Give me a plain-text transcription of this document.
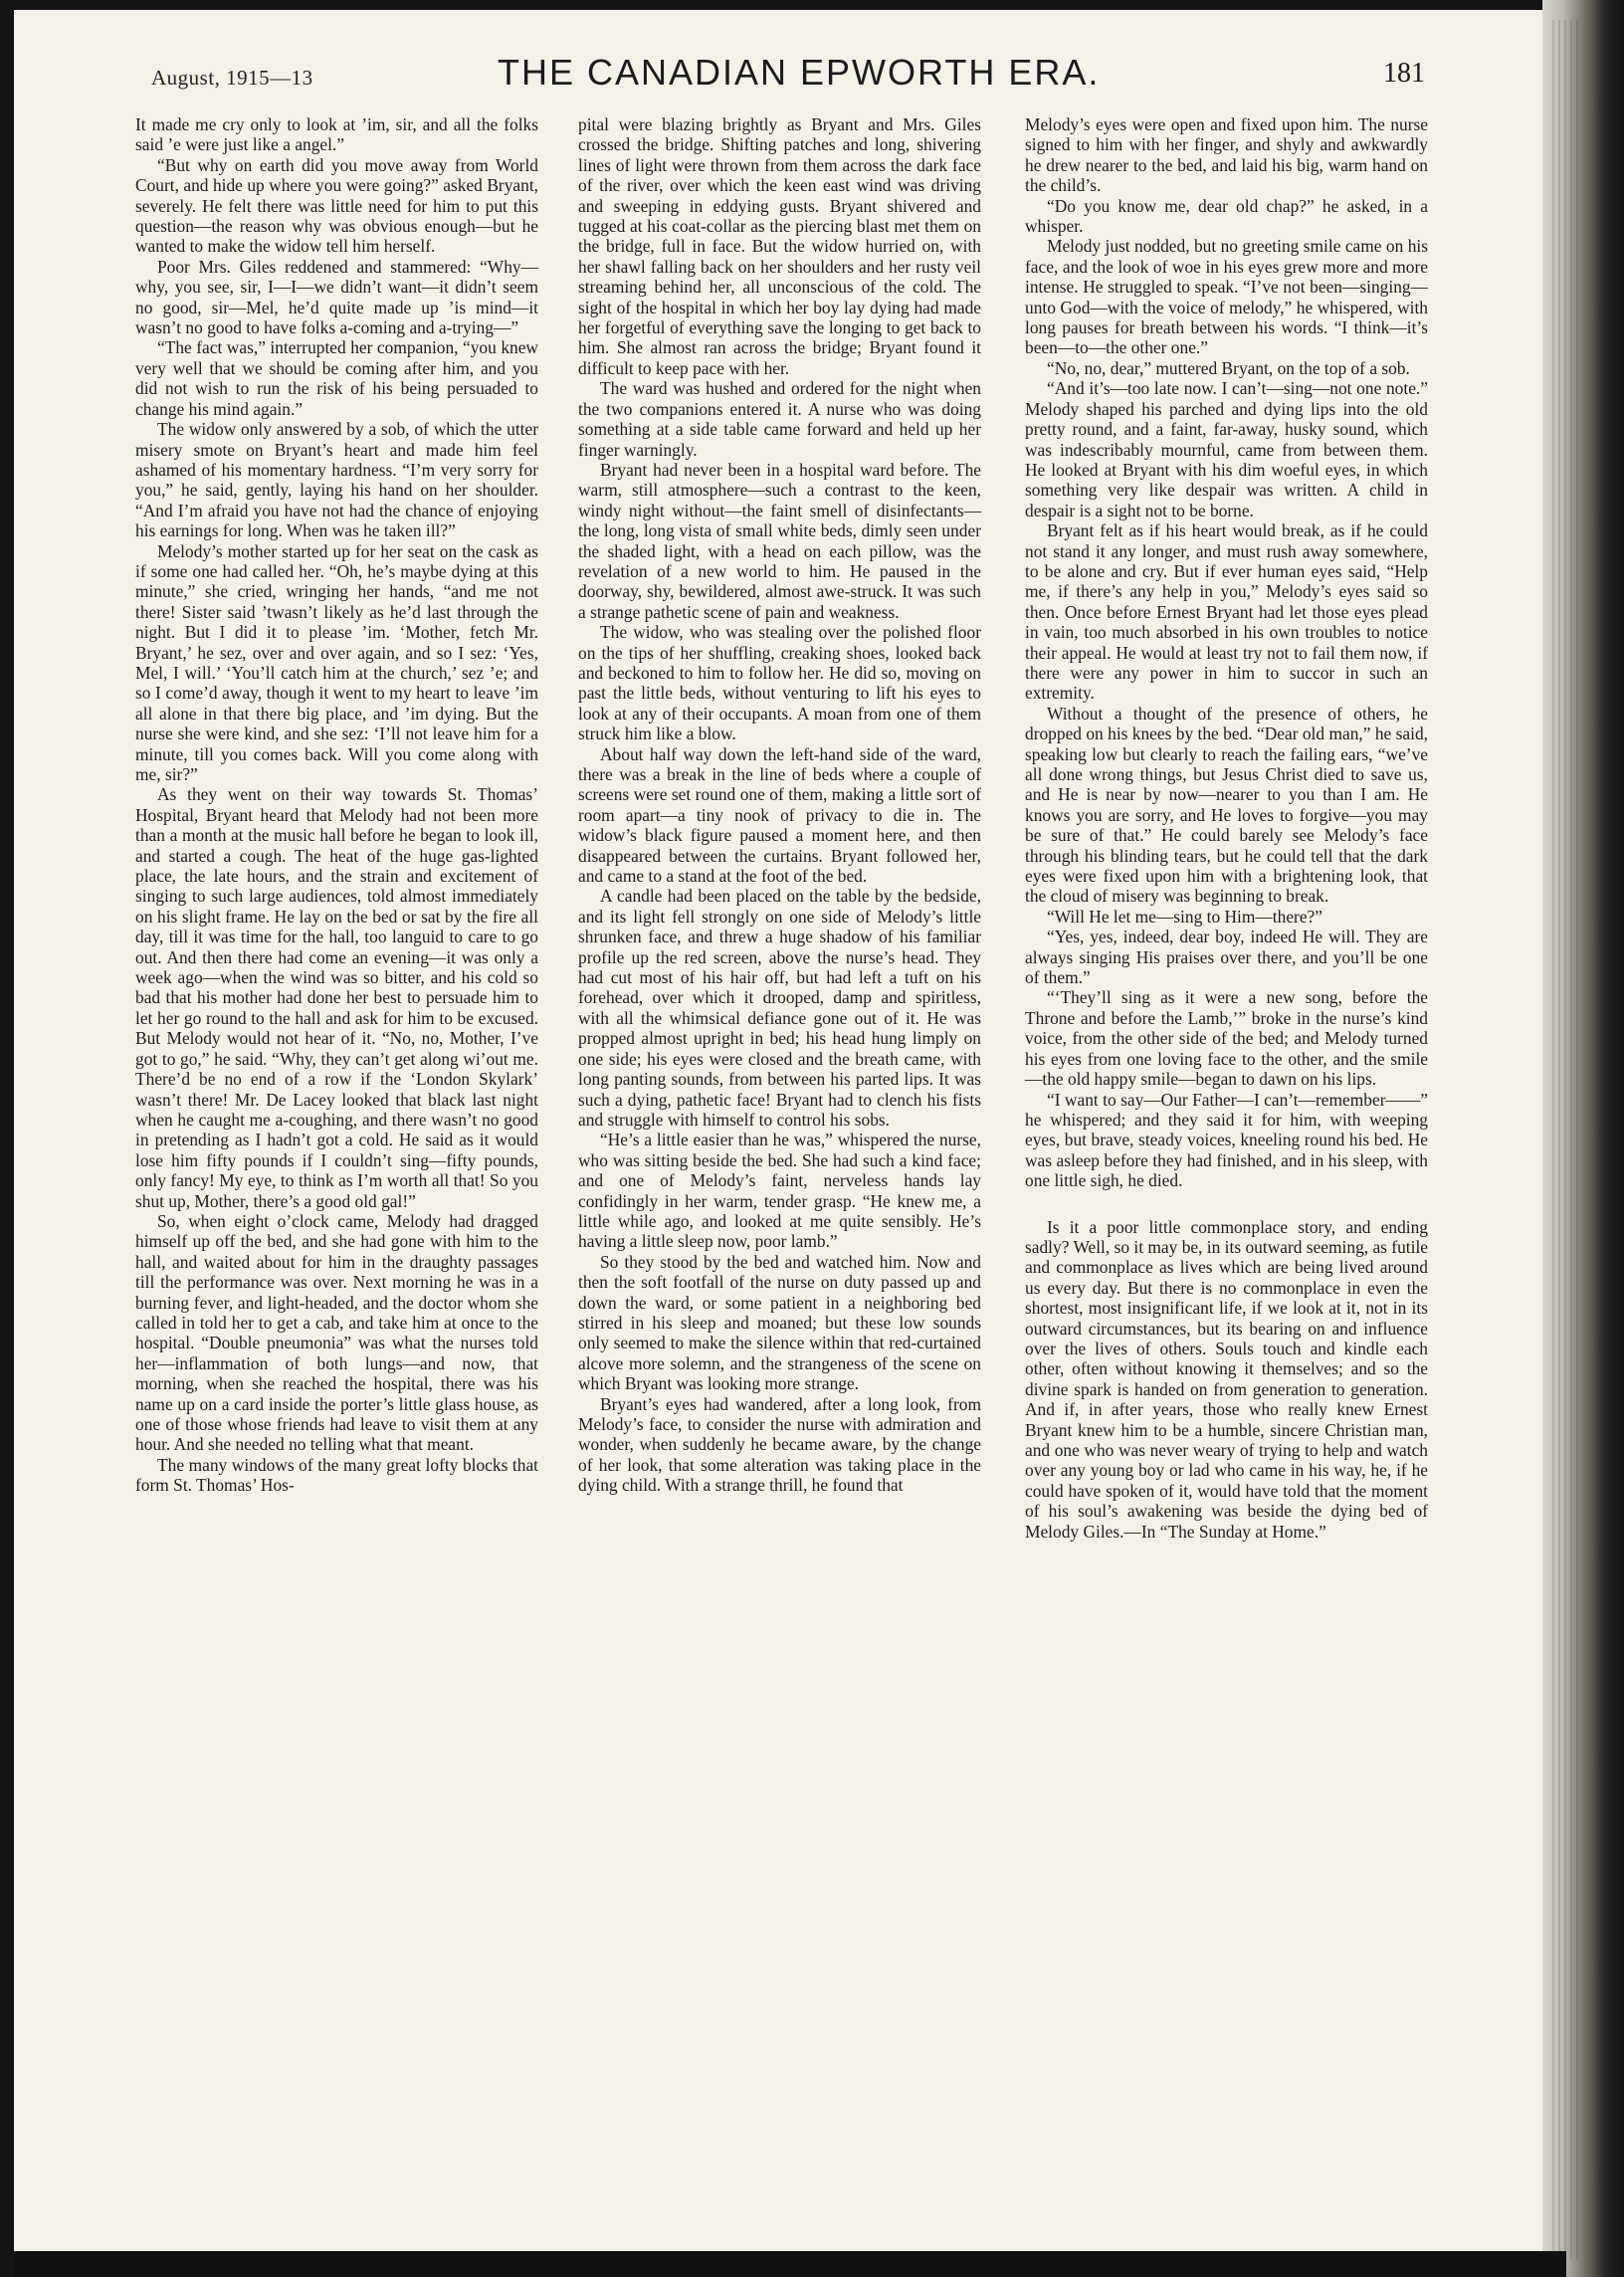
August, 1915—13	THE CANADIAN EPWORTH ERA.	181

It made me cry only to look at ’im, sir, and all the folks said ’e were just like a angel.”

“But why on earth did you move away from World Court, and hide up where you were going?” asked Bryant, severely. He felt there was little need for him to put this question—the reason why was obvious enough—but he wanted to make the widow tell him herself.

Poor Mrs. Giles reddened and stammered: “Why—why, you see, sir, I—I—we didn’t want—it didn’t seem no good, sir—Mel, he’d quite made up ’is mind—it wasn’t no good to have folks a-coming and a-trying—”

“The fact was,” interrupted her companion, “you knew very well that we should be coming after him, and you did not wish to run the risk of his being persuaded to change his mind again.”

The widow only answered by a sob, of which the utter misery smote on Bryant’s heart and made him feel ashamed of his momentary hardness. “I’m very sorry for you,” he said, gently, laying his hand on her shoulder. “And I’m afraid you have not had the chance of enjoying his earnings for long. When was he taken ill?”

Melody’s mother started up for her seat on the cask as if some one had called her. “Oh, he’s maybe dying at this minute,” she cried, wringing her hands, “and me not there! Sister said ’twasn’t likely as he’d last through the night. But I did it to please ’im. ‘Mother, fetch Mr. Bryant,’ he sez, over and over again, and so I sez: ‘Yes, Mel, I will.’ ‘You’ll catch him at the church,’ sez ’e; and so I come’d away, though it went to my heart to leave ’im all alone in that there big place, and ’im dying. But the nurse she were kind, and she sez: ‘I’ll not leave him for a minute, till you comes back. Will you come along with me, sir?”

As they went on their way towards St. Thomas’ Hospital, Bryant heard that Melody had not been more than a month at the music hall before he began to look ill, and started a cough. The heat of the huge gas-lighted place, the late hours, and the strain and excitement of singing to such large audiences, told almost immediately on his slight frame. He lay on the bed or sat by the fire all day, till it was time for the hall, too languid to care to go out. And then there had come an evening—it was only a week ago—when the wind was so bitter, and his cold so bad that his mother had done her best to persuade him to let her go round to the hall and ask for him to be excused. But Melody would not hear of it. “No, no, Mother, I’ve got to go,” he said. “Why, they can’t get along wi’out me. There’d be no end of a row if the ‘London Skylark’ wasn’t there! Mr. De Lacey looked that black last night when he caught me a-coughing, and there wasn’t no good in pretending as I hadn’t got a cold. He said as it would lose him fifty pounds if I couldn’t sing—fifty pounds, only fancy! My eye, to think as I’m worth all that! So you shut up, Mother, there’s a good old gal!”

So, when eight o’clock came, Melody had dragged himself up off the bed, and she had gone with him to the hall, and waited about for him in the draughty passages till the performance was over. Next morning he was in a burning fever, and light-headed, and the doctor whom she called in told her to get a cab, and take him at once to the hospital. “Double pneumonia” was what the nurses told her—inflammation of both lungs—and now, that morning, when she reached the hospital, there was his name up on a card inside the porter’s little glass house, as one of those whose friends had leave to visit them at any hour. And she needed no telling what that meant.

The many windows of the many great lofty blocks that form St. Thomas’ Hos-

pital were blazing brightly as Bryant and Mrs. Giles crossed the bridge. Shifting patches and long, shivering lines of light were thrown from them across the dark face of the river, over which the keen east wind was driving and sweeping in eddying gusts. Bryant shivered and tugged at his coat-collar as the piercing blast met them on the bridge, full in face. But the widow hurried on, with her shawl falling back on her shoulders and her rusty veil streaming behind her, all unconscious of the cold. The sight of the hospital in which her boy lay dying had made her forgetful of everything save the longing to get back to him. She almost ran across the bridge; Bryant found it difficult to keep pace with her.

The ward was hushed and ordered for the night when the two companions entered it. A nurse who was doing something at a side table came forward and held up her finger warningly.

Bryant had never been in a hospital ward before. The warm, still atmosphere—such a contrast to the keen, windy night without—the faint smell of disinfectants—the long, long vista of small white beds, dimly seen under the shaded light, with a head on each pillow, was the revelation of a new world to him. He paused in the doorway, shy, bewildered, almost awe-struck. It was such a strange pathetic scene of pain and weakness.

The widow, who was stealing over the polished floor on the tips of her shuffling, creaking shoes, looked back and beckoned to him to follow her. He did so, moving on past the little beds, without venturing to lift his eyes to look at any of their occupants. A moan from one of them struck him like a blow.

About half way down the left-hand side of the ward, there was a break in the line of beds where a couple of screens were set round one of them, making a little sort of room apart—a tiny nook of privacy to die in. The widow’s black figure paused a moment here, and then disappeared between the curtains. Bryant followed her, and came to a stand at the foot of the bed.

A candle had been placed on the table by the bedside, and its light fell strongly on one side of Melody’s little shrunken face, and threw a huge shadow of his familiar profile up the red screen, above the nurse’s head. They had cut most of his hair off, but had left a tuft on his forehead, over which it drooped, damp and spiritless, with all the whimsical defiance gone out of it. He was propped almost upright in bed; his head hung limply on one side; his eyes were closed and the breath came, with long panting sounds, from between his parted lips. It was such a dying, pathetic face! Bryant had to clench his fists and struggle with himself to control his sobs.

“He’s a little easier than he was,” whispered the nurse, who was sitting beside the bed. She had such a kind face; and one of Melody’s faint, nerveless hands lay confidingly in her warm, tender grasp. “He knew me, a little while ago, and looked at me quite sensibly. He’s having a little sleep now, poor lamb.”

So they stood by the bed and watched him. Now and then the soft footfall of the nurse on duty passed up and down the ward, or some patient in a neighboring bed stirred in his sleep and moaned; but these low sounds only seemed to make the silence within that red-curtained alcove more solemn, and the strangeness of the scene on which Bryant was looking more strange.

Bryant’s eyes had wandered, after a long look, from Melody’s face, to consider the nurse with admiration and wonder, when suddenly he became aware, by the change of her look, that some alteration was taking place in the dying child. With a strange thrill, he found that

Melody’s eyes were open and fixed upon him. The nurse signed to him with her finger, and shyly and awkwardly he drew nearer to the bed, and laid his big, warm hand on the child’s.

“Do you know me, dear old chap?” he asked, in a whisper.

Melody just nodded, but no greeting smile came on his face, and the look of woe in his eyes grew more and more intense. He struggled to speak. “I’ve not been—singing—unto God—with the voice of melody,” he whispered, with long pauses for breath between his words. “I think—it’s been—to—the other one.”

“No, no, dear,” muttered Bryant, on the top of a sob.

“And it’s—too late now. I can’t—sing—not one note.” Melody shaped his parched and dying lips into the old pretty round, and a faint, far-away, husky sound, which was indescribably mournful, came from between them. He looked at Bryant with his dim woeful eyes, in which something very like despair was written. A child in despair is a sight not to be borne.

Bryant felt as if his heart would break, as if he could not stand it any longer, and must rush away somewhere, to be alone and cry. But if ever human eyes said, “Help me, if there’s any help in you,” Melody’s eyes said so then. Once before Ernest Bryant had let those eyes plead in vain, too much absorbed in his own troubles to notice their appeal. He would at least try not to fail them now, if there were any power in him to succor in such an extremity.

Without a thought of the presence of others, he dropped on his knees by the bed. “Dear old man,” he said, speaking low but clearly to reach the failing ears, “we’ve all done wrong things, but Jesus Christ died to save us, and He is near by now—nearer to you than I am. He knows you are sorry, and He loves to forgive—you may be sure of that.” He could barely see Melody’s face through his blinding tears, but he could tell that the dark eyes were fixed upon him with a brightening look, that the cloud of misery was beginning to break.

“Will He let me—sing to Him—there?”

“Yes, yes, indeed, dear boy, indeed He will. They are always singing His praises over there, and you’ll be one of them.”

“‘They’ll sing as it were a new song, before the Throne and before the Lamb,’” broke in the nurse’s kind voice, from the other side of the bed; and Melody turned his eyes from one loving face to the other, and the smile—the old happy smile—began to dawn on his lips.

“I want to say—Our Father—I can’t—remember——” he whispered; and they said it for him, with weeping eyes, but brave, steady voices, kneeling round his bed. He was asleep before they had finished, and in his sleep, with one little sigh, he died.

Is it a poor little commonplace story, and ending sadly? Well, so it may be, in its outward seeming, as futile and commonplace as lives which are being lived around us every day. But there is no commonplace in even the shortest, most insignificant life, if we look at it, not in its outward circumstances, but its bearing on and influence over the lives of others. Souls touch and kindle each other, often without knowing it themselves; and so the divine spark is handed on from generation to generation. And if, in after years, those who really knew Ernest Bryant knew him to be a humble, sincere Christian man, and one who was never weary of trying to help and watch over any young boy or lad who came in his way, he, if he could have spoken of it, would have told that the moment of his soul’s awakening was beside the dying bed of Melody Giles.—In “The Sunday at Home.”
